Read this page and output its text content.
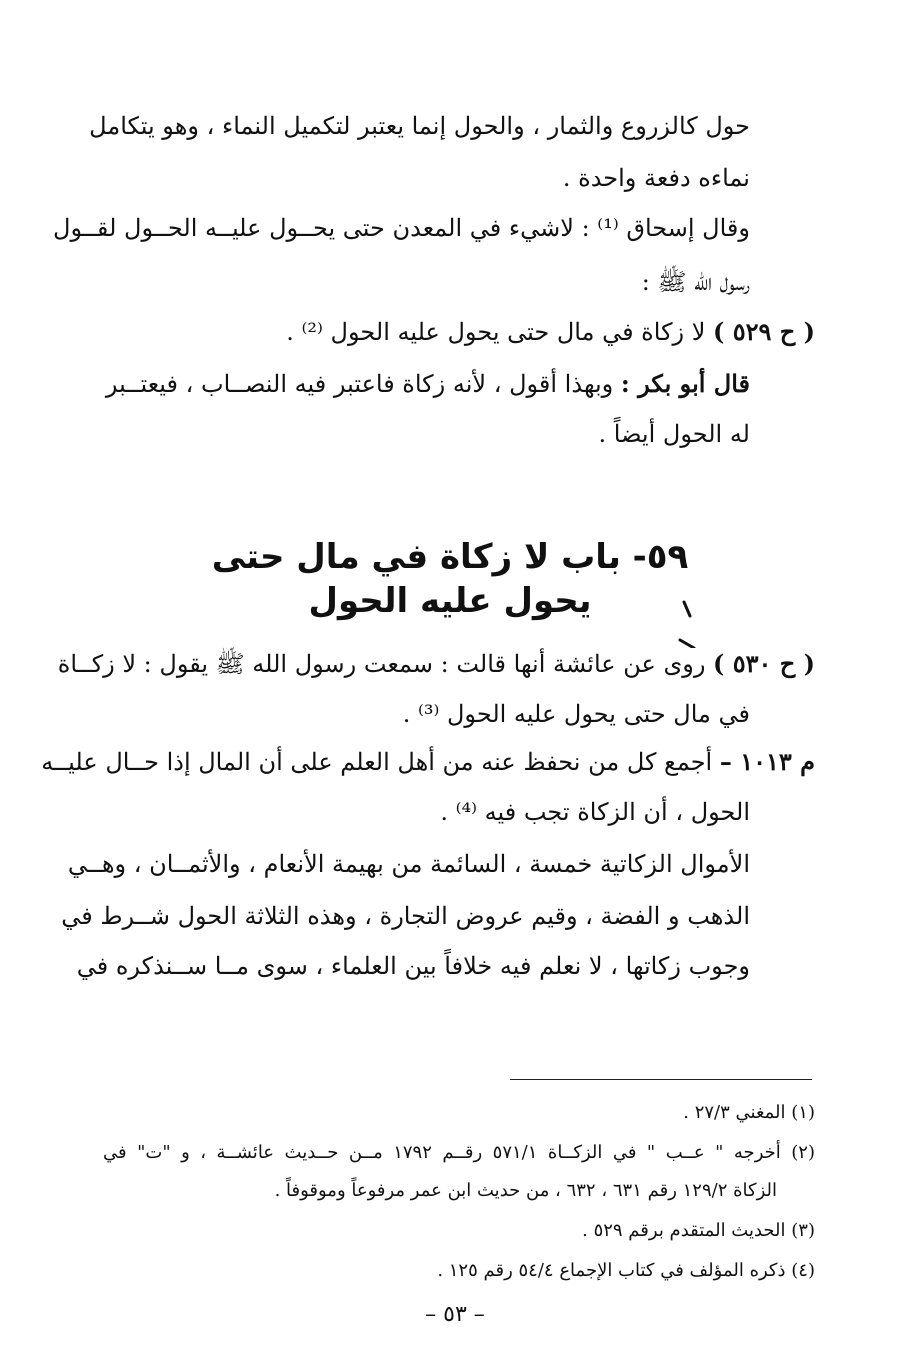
حول كالزروع والثمار ، والحول إنما يعتبر لتكميل النماء ، وهو يتكامل
نماءه دفعة واحدة .
وقال إسحاق ⁽¹⁾ : لاشيء في المعدن حتى يحــول عليــه الحــول لقــول
رسول الله ﷺ :
( ح ٥٢٩ ) لا زكاة في مال حتى يحول عليه الحول ⁽²⁾ .
قال أبو بكر : وبهذا أقول ، لأنه زكاة فاعتبر فيه النصــاب ، فيعتــبر
له الحول أيضاً .
٥٩- باب لا زكاة في مال حتى يحول عليه الحول
( ح ٥٣٠ ) روى عن عائشة أنها قالت : سمعت رسول الله ﷺ يقول : لا زكــاة
في مال حتى يحول عليه الحول ⁽³⁾ .
م ١٠١٣ – أجمع كل من نحفظ عنه من أهل العلم على أن المال إذا حــال عليــه
الحول ، أن الزكاة تجب فيه ⁽⁴⁾ .
الأموال الزكاتية خمسة ، السائمة من بهيمة الأنعام ، والأثمــان ، وهــي
الذهب و الفضة ، وقيم عروض التجارة ، وهذه الثلاثة الحول شــرط في
وجوب زكاتها ، لا نعلم فيه خلافاً بين العلماء ، سوى مــا ســنذكره في
(١) المغني ٢٧/٣ .
(٢) أخرجه " عــب " في الزكــاة ٥٧١/١ رقــم ١٧٩٢ مــن حــديث عائشــة ، و "ت" في
الزكاة ١٢٩/٢ رقم ٦٣١ ، ٦٣٢ ، من حديث ابن عمر مرفوعاً وموقوفاً .
(٣) الحديث المتقدم برقم ٥٢٩ .
(٤) ذكره المؤلف في كتاب الإجماع ٥٤/٤ رقم ١٢٥ .
– ٥٣ –
